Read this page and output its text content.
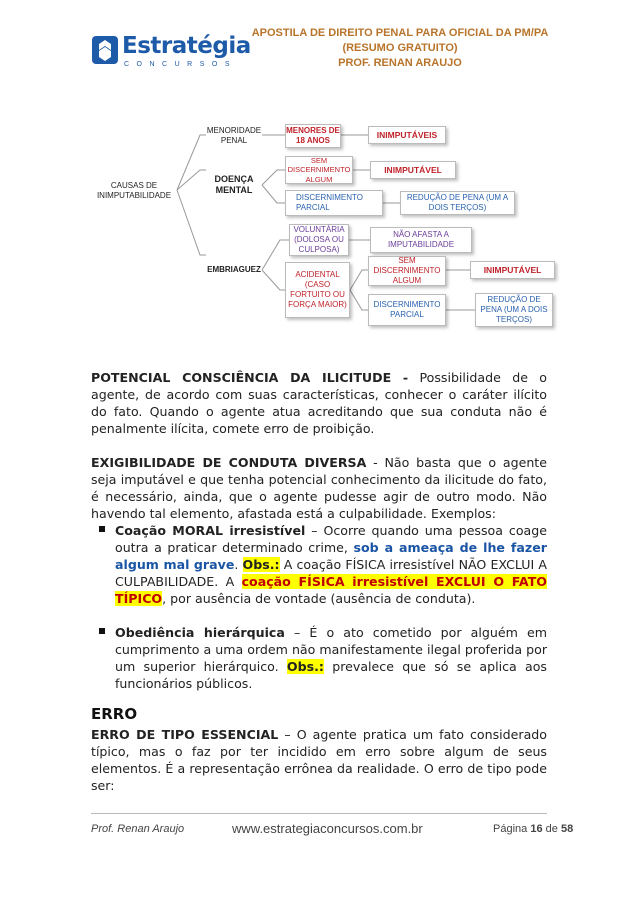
Estratégia
CONCURSOS
APOSTILA DE DIREITO PENAL PARA OFICIAL DA PM/PA
(RESUMO GRATUITO)
PROF. RENAN ARAUJO
CAUSAS DE INIMPUTABILIDADE
MENORIDADE PENAL
MENORES DE 18 ANOS
INIMPUTÁVEIS
DOENÇA MENTAL
SEM DISCERNIMENTO ALGUM
INIMPUTÁVEL
DISCERNIMENTO PARCIAL
REDUÇÃO DE PENA (UM A DOIS TERÇOS)
EMBRIAGUEZ
VOLUNTÁRIA (DOLOSA OU CULPOSA)
NÃO AFASTA A IMPUTABILIDADE
ACIDENTAL (CASO FORTUITO OU FORÇA MAIOR)
SEM DISCERNIMENTO ALGUM
INIMPUTÁVEL
DISCERNIMENTO PARCIAL
REDUÇÃO DE PENA (UM A DOIS TERÇOS)
POTENCIAL CONSCIÊNCIA DA ILICITUDE - Possibilidade de o agente, de acordo com suas características, conhecer o caráter ilícito do fato. Quando o agente atua acreditando que sua conduta não é penalmente ilícita, comete erro de proibição.
EXIGIBILIDADE DE CONDUTA DIVERSA - Não basta que o agente seja imputável e que tenha potencial conhecimento da ilicitude do fato, é necessário, ainda, que o agente pudesse agir de outro modo. Não havendo tal elemento, afastada está a culpabilidade. Exemplos:
Coação MORAL irresistível – Ocorre quando uma pessoa coage outra a praticar determinado crime, sob a ameaça de lhe fazer algum mal grave. Obs.: A coação FÍSICA irresistível NÃO EXCLUI A CULPABILIDADE. A coação FÍSICA irresistível EXCLUI O FATO TÍPICO, por ausência de vontade (ausência de conduta).
Obediência hierárquica – É o ato cometido por alguém em cumprimento a uma ordem não manifestamente ilegal proferida por um superior hierárquico. Obs.: prevalece que só se aplica aos funcionários públicos.
ERRO
ERRO DE TIPO ESSENCIAL – O agente pratica um fato considerado típico, mas o faz por ter incidido em erro sobre algum de seus elementos. É a representação errônea da realidade. O erro de tipo pode ser:
Prof. Renan Araujo	www.estrategiaconcursos.com.br	Página 16 de 58
